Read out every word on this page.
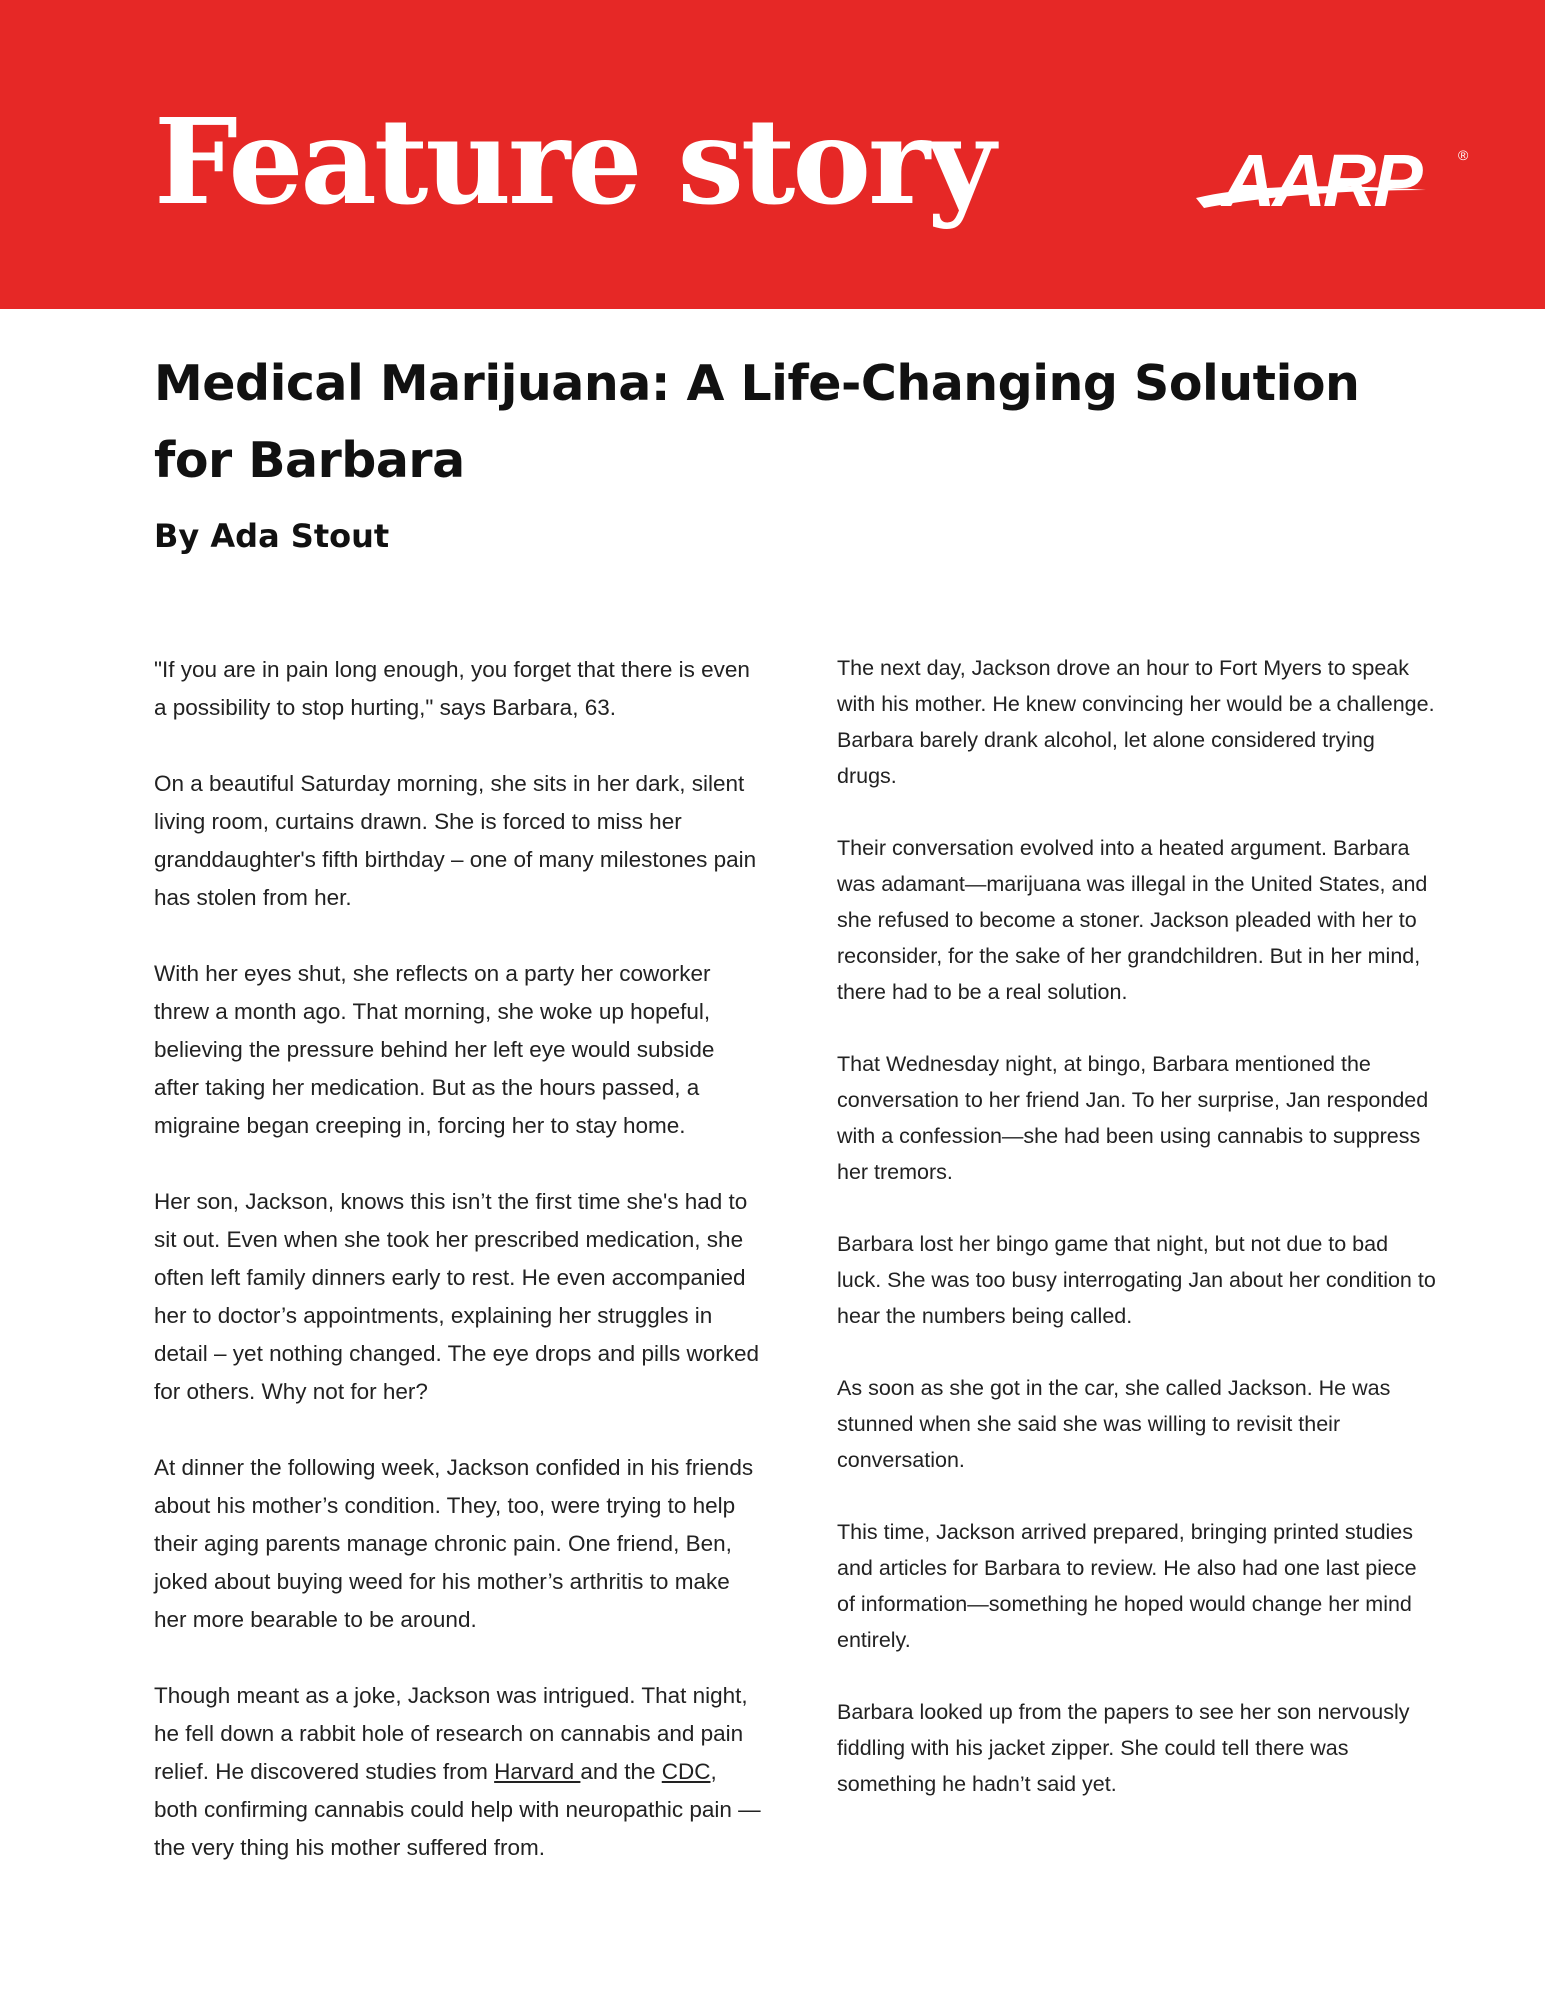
Feature story	AARP	®
Medical Marijuana: A Life-Changing Solution for Barbara
By Ada Stout

"If you are in pain long enough, you forget that there is even a possibility to stop hurting," says Barbara, 63.

On a beautiful Saturday morning, she sits in her dark, silent living room, curtains drawn. She is forced to miss her granddaughter's fifth birthday – one of many milestones pain has stolen from her.

With her eyes shut, she reflects on a party her coworker threw a month ago. That morning, she woke up hopeful, believing the pressure behind her left eye would subside after taking her medication. But as the hours passed, a migraine began creeping in, forcing her to stay home.

Her son, Jackson, knows this isn’t the first time she's had to sit out. Even when she took her prescribed medication, she often left family dinners early to rest. He even accompanied her to doctor’s appointments, explaining her struggles in detail – yet nothing changed. The eye drops and pills worked for others. Why not for her?

At dinner the following week, Jackson confided in his friends about his mother’s condition. They, too, were trying to help their aging parents manage chronic pain. One friend, Ben, joked about buying weed for his mother’s arthritis to make her more bearable to be around.

Though meant as a joke, Jackson was intrigued. That night, he fell down a rabbit hole of research on cannabis and pain relief. He discovered studies from Harvard and the CDC, both confirming cannabis could help with neuropathic pain —the very thing his mother suffered from.

The next day, Jackson drove an hour to Fort Myers to speak with his mother. He knew convincing her would be a challenge. Barbara barely drank alcohol, let alone considered trying drugs.

Their conversation evolved into a heated argument. Barbara was adamant—marijuana was illegal in the United States, and she refused to become a stoner. Jackson pleaded with her to reconsider, for the sake of her grandchildren. But in her mind, there had to be a real solution.

That Wednesday night, at bingo, Barbara mentioned the conversation to her friend Jan. To her surprise, Jan responded with a confession—she had been using cannabis to suppress her tremors.

Barbara lost her bingo game that night, but not due to bad luck. She was too busy interrogating Jan about her condition to hear the numbers being called.

As soon as she got in the car, she called Jackson. He was stunned when she said she was willing to revisit their conversation.

This time, Jackson arrived prepared, bringing printed studies and articles for Barbara to review. He also had one last piece of information—something he hoped would change her mind entirely.

Barbara looked up from the papers to see her son nervously fiddling with his jacket zipper. She could tell there was something he hadn’t said yet.
